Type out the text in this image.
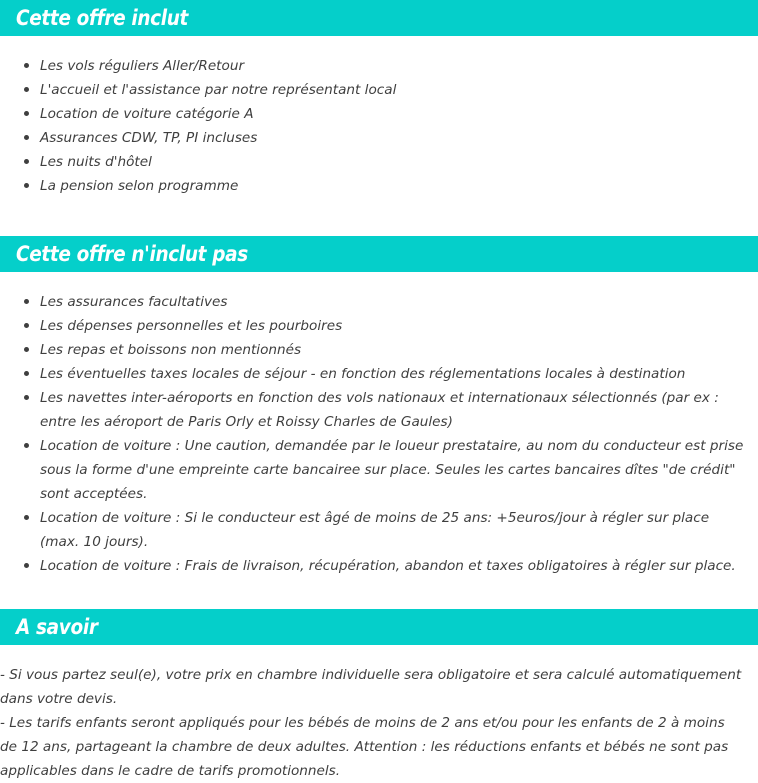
Cette offre inclut
Les vols réguliers Aller/Retour
L'accueil et l'assistance par notre représentant local
Location de voiture catégorie A
Assurances CDW, TP, PI incluses
Les nuits d'hôtel
La pension selon programme
Cette offre n'inclut pas
Les assurances facultatives
Les dépenses personnelles et les pourboires
Les repas et boissons non mentionnés
Les éventuelles taxes locales de séjour - en fonction des réglementations locales à destination
Les navettes inter-aéroports en fonction des vols nationaux et internationaux sélectionnés (par ex : entre les aéroport de Paris Orly et Roissy Charles de Gaules)
Location de voiture : Une caution, demandée par le loueur prestataire, au nom du conducteur est prise sous la forme d'une empreinte carte bancairee sur place. Seules les cartes bancaires dîtes "de crédit" sont acceptées.
Location de voiture : Si le conducteur est âgé de moins de 25 ans: +5euros/jour à régler sur place (max. 10 jours).
Location de voiture : Frais de livraison, récupération, abandon et taxes obligatoires à régler sur place.
A savoir

- Si vous partez seul(e), votre prix en chambre individuelle sera obligatoire et sera calculé automatiquement dans votre devis.

- Les tarifs enfants seront appliqués pour les bébés de moins de 2 ans et/ou pour les enfants de 2 à moins de 12 ans, partageant la chambre de deux adultes. Attention : les réductions enfants et bébés ne sont pas applicables dans le cadre de tarifs promotionnels.
